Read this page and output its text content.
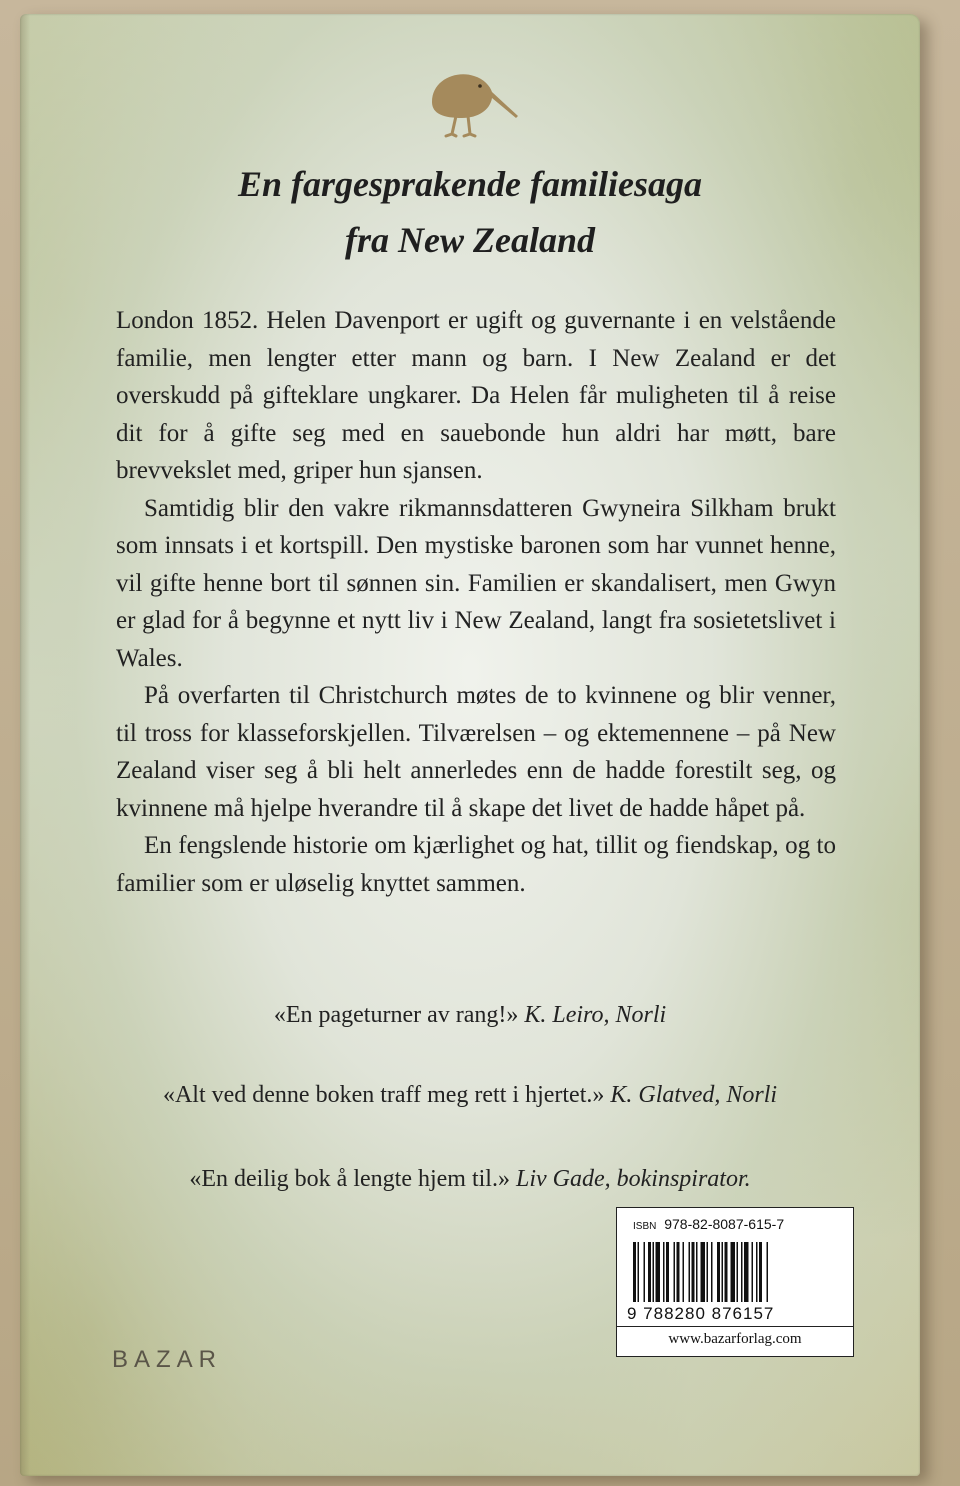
En fargesprakende familiesaga
fra New Zealand

London 1852. Helen Davenport er ugift og guvernante i en velstående familie, men lengter etter mann og barn. I New Zealand er det overskudd på gifteklare ungkarer. Da Helen får muligheten til å reise dit for å gifte seg med en sauebonde hun aldri har møtt, bare brevvekslet med, griper hun sjansen.

Samtidig blir den vakre rikmannsdatteren Gwyneira Silkham brukt som innsats i et kortspill. Den mystiske baronen som har vunnet henne, vil gifte henne bort til sønnen sin. Familien er skandalisert, men Gwyn er glad for å begynne et nytt liv i New Zealand, langt fra sosietetslivet i Wales.

På overfarten til Christchurch møtes de to kvinnene og blir venner, til tross for klasseforskjellen. Tilværelsen – og ektemennene – på New Zealand viser seg å bli helt annerledes enn de hadde forestilt seg, og kvinnene må hjelpe hverandre til å skape det livet de hadde håpet på.

En fengslende historie om kjærlighet og hat, tillit og fiendskap, og to familier som er uløselig knyttet sammen.

«En pageturner av rang!» K. Leiro, Norli
«Alt ved denne boken traff meg rett i hjertet.» K. Glatved, Norli
«En deilig bok å lengte hjem til.» Liv Gade, bokinspirator.
BAZAR
ISBN 978-82-8087-615-7
9 788280 876157
www.bazarforlag.com
